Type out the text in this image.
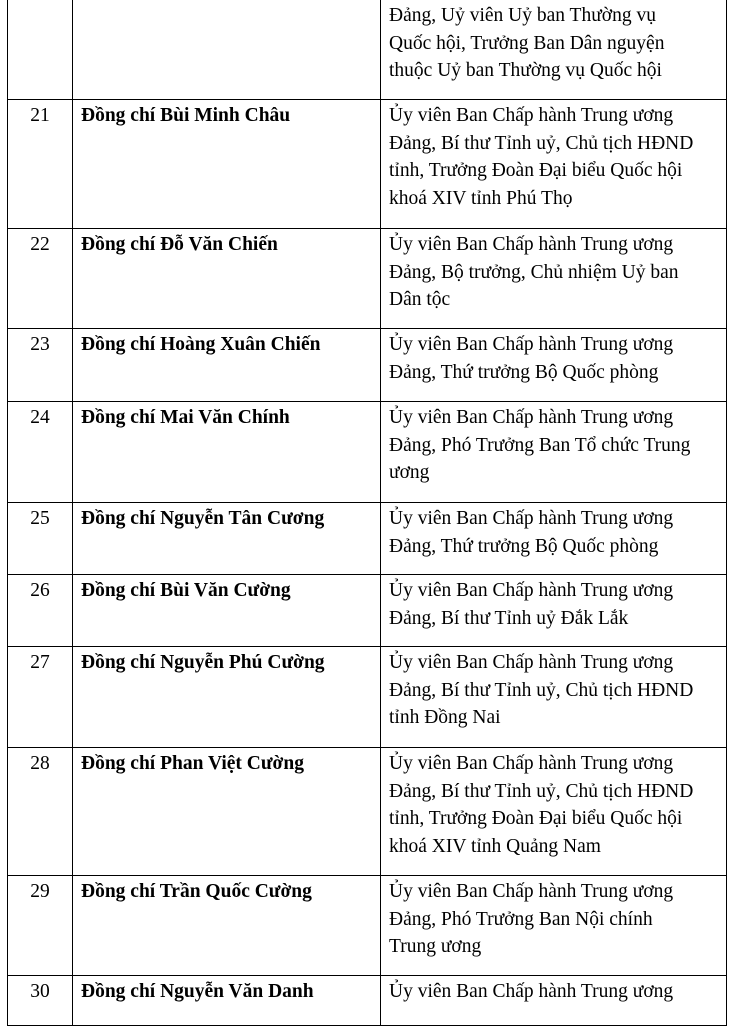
		Đảng, Uỷ viên Uỷ ban Thường vụ
Quốc hội, Trưởng Ban Dân nguyện
thuộc Uỷ ban Thường vụ Quốc hội

21	Đồng chí Bùi Minh Châu	Ủy viên Ban Chấp hành Trung ương
Đảng, Bí thư Tỉnh uỷ, Chủ tịch HĐND
tỉnh, Trưởng Đoàn Đại biểu Quốc hội
khoá XIV tỉnh Phú Thọ

22	Đồng chí Đỗ Văn Chiến	Ủy viên Ban Chấp hành Trung ương
Đảng, Bộ trưởng, Chủ nhiệm Uỷ ban
Dân tộc

23	Đồng chí Hoàng Xuân Chiến	Ủy viên Ban Chấp hành Trung ương
Đảng, Thứ trưởng Bộ Quốc phòng

24	Đồng chí Mai Văn Chính	Ủy viên Ban Chấp hành Trung ương
Đảng, Phó Trưởng Ban Tổ chức Trung
ương

25	Đồng chí Nguyễn Tân Cương	Ủy viên Ban Chấp hành Trung ương
Đảng, Thứ trưởng Bộ Quốc phòng

26	Đồng chí Bùi Văn Cường	Ủy viên Ban Chấp hành Trung ương
Đảng, Bí thư Tỉnh uỷ Đắk Lắk

27	Đồng chí Nguyễn Phú Cường	Ủy viên Ban Chấp hành Trung ương
Đảng, Bí thư Tỉnh uỷ, Chủ tịch HĐND
tỉnh Đồng Nai

28	Đồng chí Phan Việt Cường	Ủy viên Ban Chấp hành Trung ương
Đảng, Bí thư Tỉnh uỷ, Chủ tịch HĐND
tỉnh, Trưởng Đoàn Đại biểu Quốc hội
khoá XIV tỉnh Quảng Nam

29	Đồng chí Trần Quốc Cường	Ủy viên Ban Chấp hành Trung ương
Đảng, Phó Trưởng Ban Nội chính
Trung ương

30	Đồng chí Nguyễn Văn Danh	Ủy viên Ban Chấp hành Trung ương
